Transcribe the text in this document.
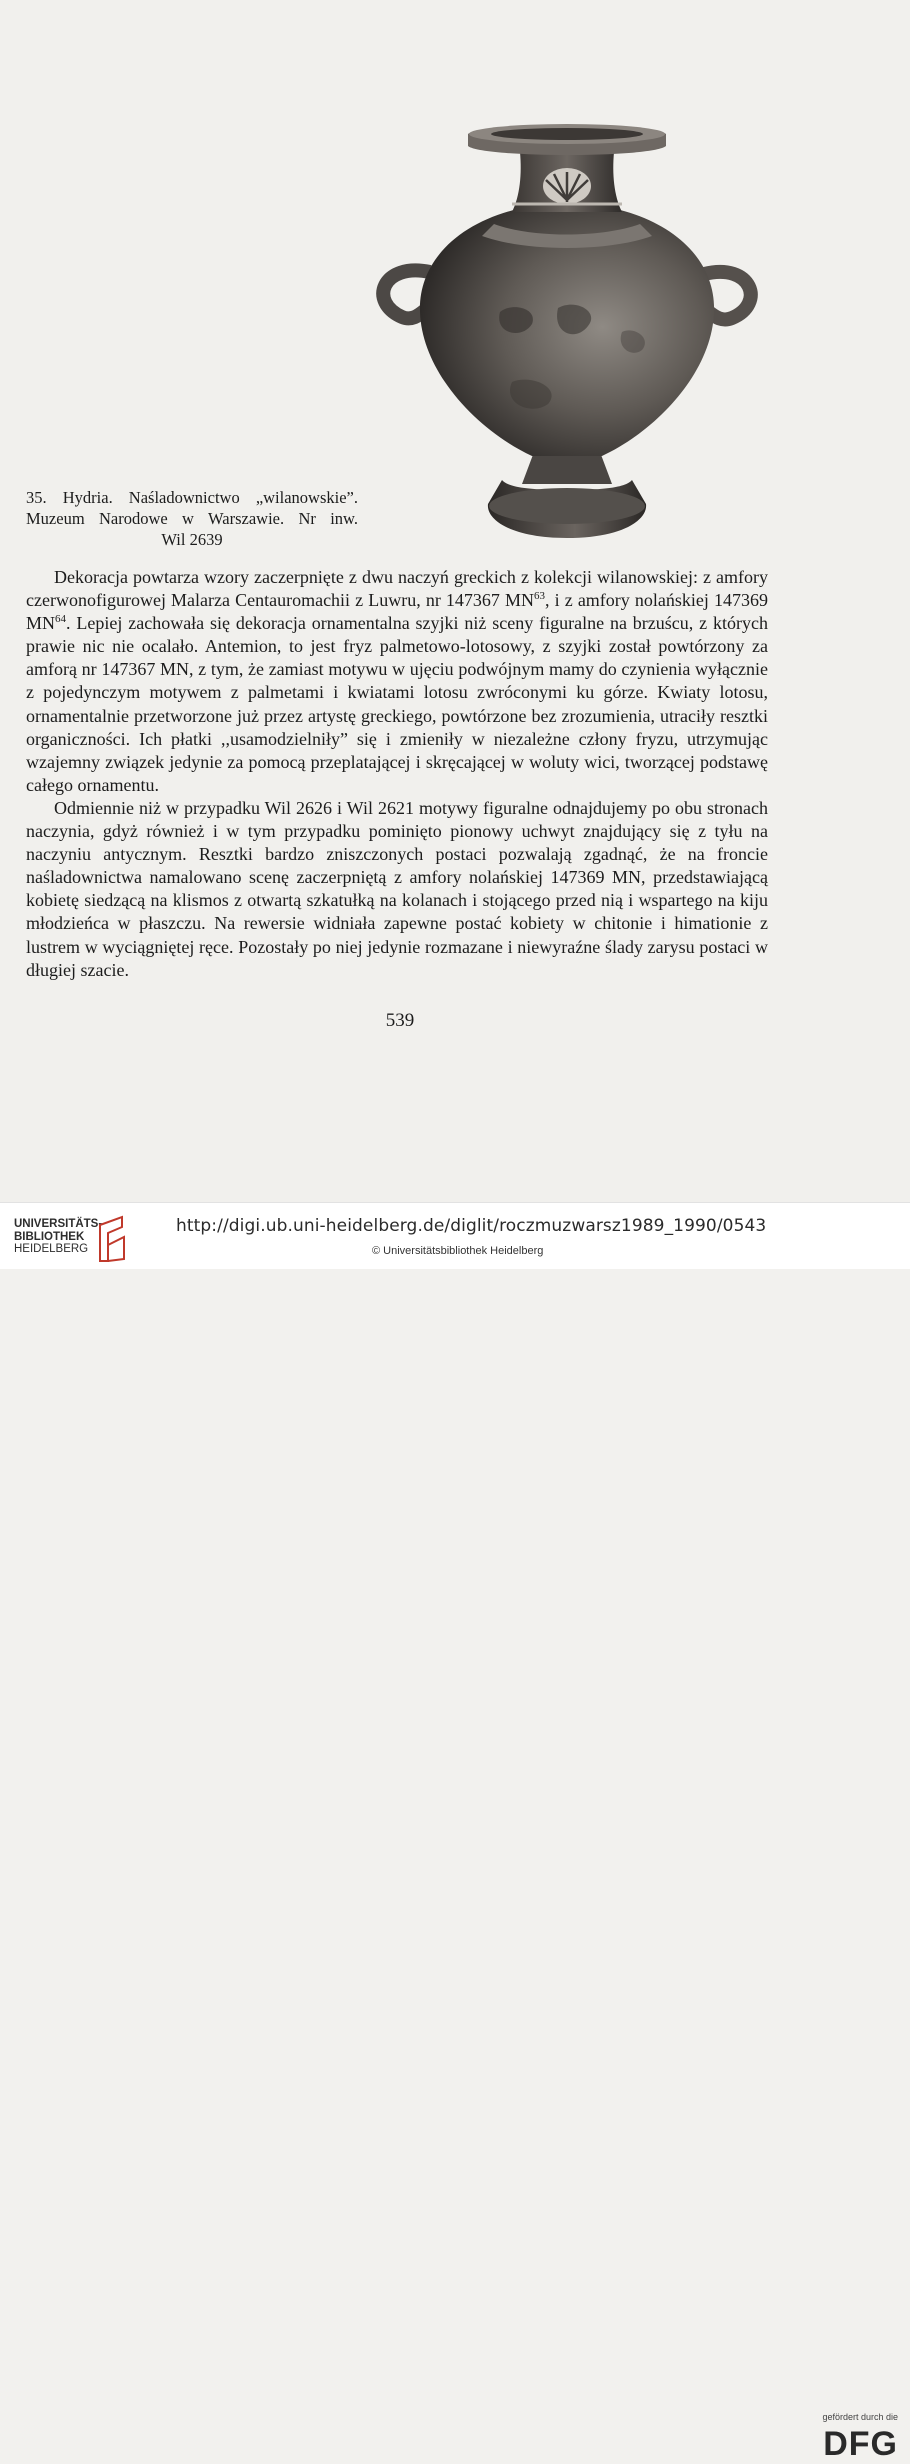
35. Hydria. Naśladownictwo „wilanowskie”.
Muzeum Narodowe w Warszawie. Nr inw.
Wil 2639

Dekoracja powtarza wzory zaczerpnięte z dwu naczyń greckich z kolekcji wilanowskiej: z amfory czerwonofigurowej Malarza Centauromachii z Luwru, nr 147367 MN$^{63}$, i z amfory nolańskiej 147369 MN$^{64}$. Lepiej zachowała się dekoracja ornamentalna szyjki niż sceny figuralne na brzuścu, z których prawie nic nie ocalało. Antemion, to jest fryz palmetowo-lotosowy, z szyjki został powtórzony za amforą nr 147367 MN, z tym, że zamiast motywu w ujęciu podwójnym mamy do czynienia wyłącznie z pojedynczym motywem z palmetami i kwiatami lotosu zwróconymi ku górze. Kwiaty lotosu, ornamentalnie przetworzone już przez artystę greckiego, powtórzone bez zrozumienia, utraciły resztki organiczności. Ich płatki ,,usamodzielniły” się i zmieniły w niezależne człony fryzu, utrzymując wzajemny związek jedynie za pomocą przeplatającej i skręcającej w woluty wici, tworzącej podstawę całego ornamentu.

Odmiennie niż w przypadku Wil 2626 i Wil 2621 motywy figuralne odnajdujemy po obu stronach naczynia, gdyż również i w tym przypadku pominięto pionowy uchwyt znajdujący się z tyłu na naczyniu antycznym. Resztki bardzo zniszczonych postaci pozwalają zgadnąć, że na froncie naśladownictwa namalowano scenę zaczerpniętą z amfory nolańskiej 147369 MN, przedstawiającą kobietę siedzącą na klismos z otwartą szkatułką na kolanach i stojącego przed nią i wspartego na kiju młodzieńca w płaszczu. Na rewersie widniała zapewne postać kobiety w chitonie i himationie z lustrem w wyciągniętej ręce. Pozostały po niej jedynie rozmazane i niewyraźne ślady zarysu postaci w długiej szacie.

539
UNIVERSITÄTS-
BIBLIOTHEK
HEIDELBERG
gefördert durch die
DFG
http://digi.ub.uni-heidelberg.de/diglit/roczmuzwarsz1989_1990/0543
© Universitätsbibliothek Heidelberg
